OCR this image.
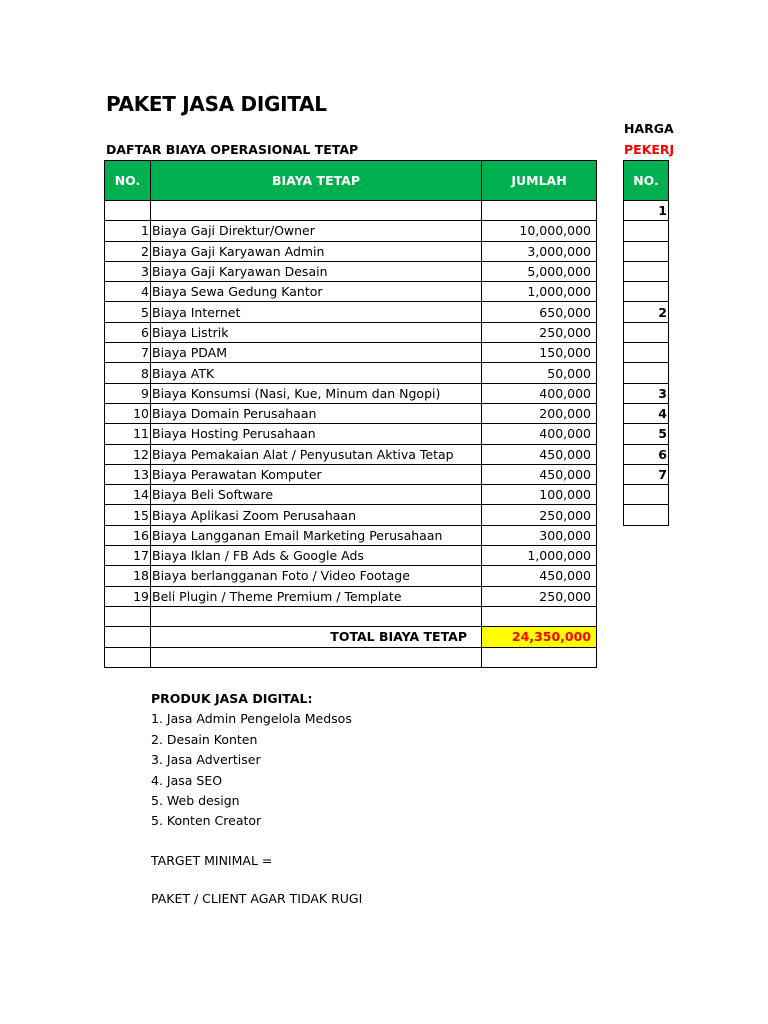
PAKET JASA DIGITAL
DAFTAR BIAYA OPERASIONAL TETAP
HARGA
PEKERJ
NO.	BIAYA TETAP	JUMLAH

1	Biaya Gaji Direktur/Owner	10,000,000
2	Biaya Gaji Karyawan Admin	3,000,000
3	Biaya Gaji Karyawan Desain	5,000,000
4	Biaya Sewa Gedung Kantor	1,000,000
5	Biaya Internet	650,000
6	Biaya Listrik	250,000
7	Biaya PDAM	150,000
8	Biaya ATK	50,000
9	Biaya Konsumsi (Nasi, Kue, Minum dan Ngopi)	400,000
10	Biaya Domain Perusahaan	200,000
11	Biaya Hosting Perusahaan	400,000
12	Biaya Pemakaian Alat / Penyusutan Aktiva Tetap	450,000
13	Biaya Perawatan Komputer	450,000
14	Biaya Beli Software	100,000
15	Biaya Aplikasi Zoom Perusahaan	250,000
16	Biaya Langganan Email Marketing Perusahaan	300,000
17	Biaya Iklan / FB Ads & Google Ads	1,000,000
18	Biaya berlangganan Foto / Video Footage	450,000
19	Beli Plugin / Theme Premium / Template	250,000

	TOTAL BIAYA TETAP	24,350,000

NO.
1

2

3
4
5
6
7

PRODUK JASA DIGITAL:
1. Jasa Admin Pengelola Medsos
2. Desain Konten
3. Jasa Advertiser
4. Jasa SEO
5. Web design
5. Konten Creator
TARGET MINIMAL =
PAKET / CLIENT AGAR TIDAK RUGI
